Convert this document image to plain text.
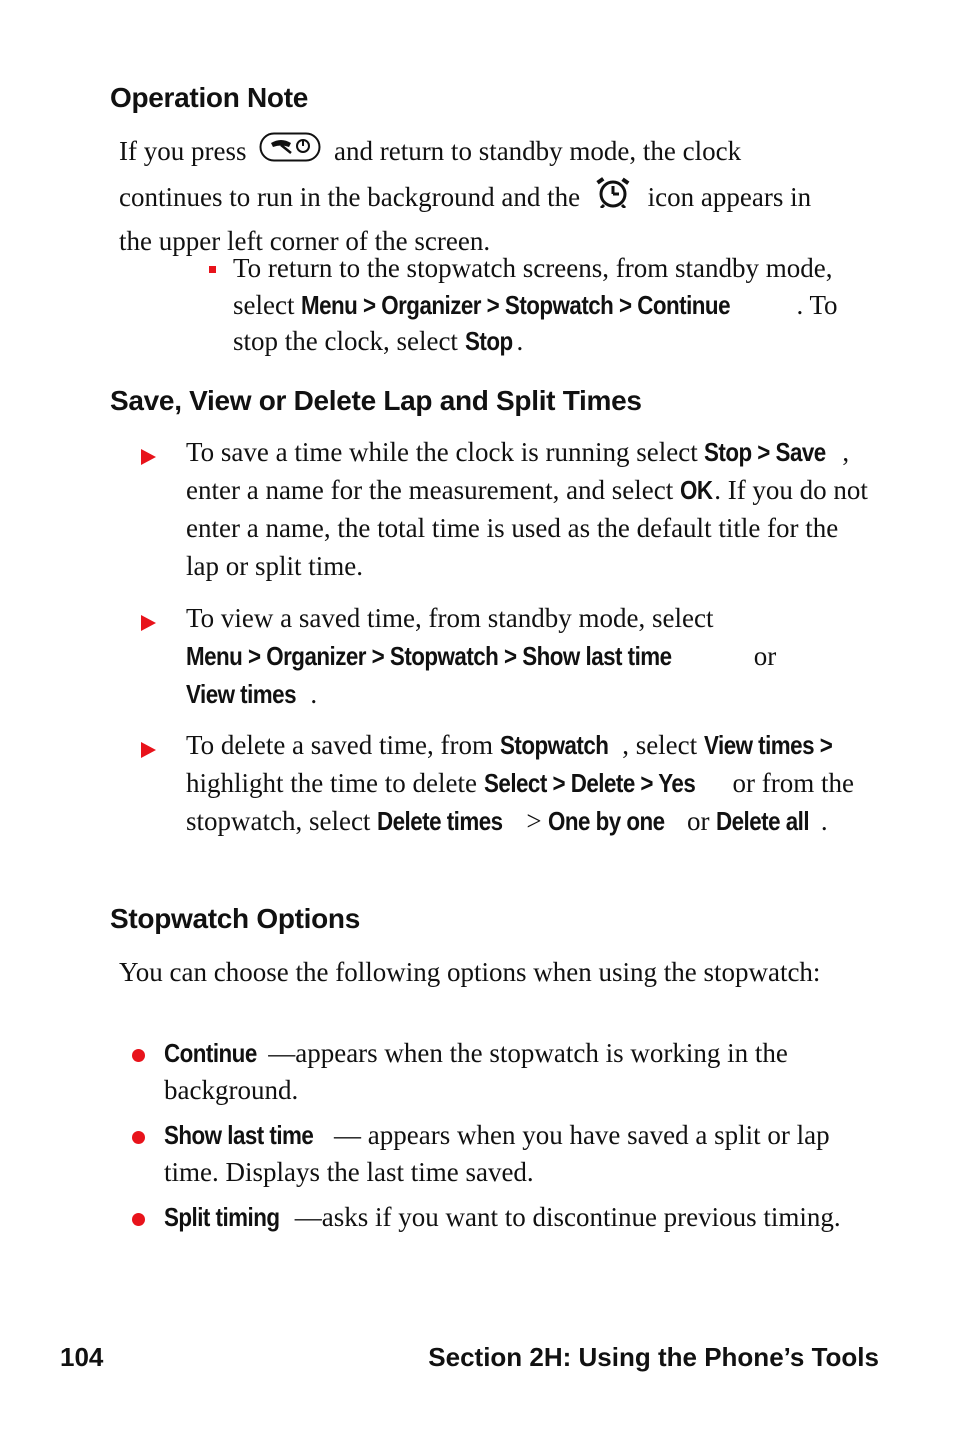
Operation Note

If you press	and return to standby mode, the clock continues to run in the background and the	icon appears in the upper left corner of the screen.

To return to the stopwatch screens, from standby mode, select Menu > Organizer > Stopwatch > Continue . To stop the clock, select Stop .

Save, View or Delete Lap and Split Times

To save a time while the clock is running select Stop > Save , enter a name for the measurement, and select OK. If you do not enter a name, the total time is used as the default title for the lap or split time.

To view a saved time, from standby mode, select Menu > Organizer > Stopwatch > Show last time	or View times .

To delete a saved time, from Stopwatch , select View times > highlight the time to delete Select > Delete > Yes or from the stopwatch, select Delete times > One by one or Delete all .

Stopwatch Options

You can choose the following options when using the stopwatch:

Continue —appears when the stopwatch is working in the background.

Show last time — appears when you have saved a split or lap time. Displays the last time saved.

Split timing —asks if you want to discontinue previous timing.

104	Section 2H: Using the Phone’s Tools
